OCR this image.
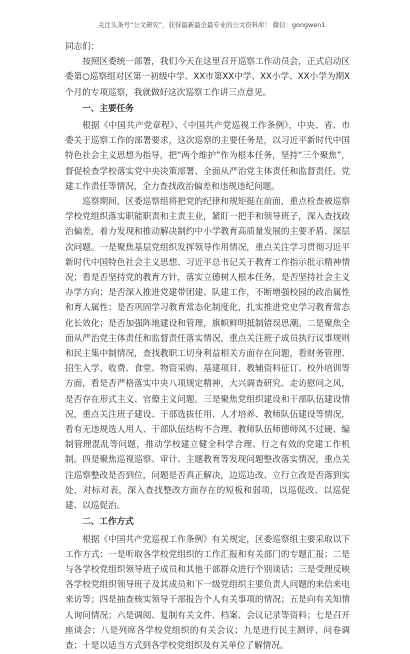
关注头条号“公文研究”，获得最新最全最专业的公文资料库！ 微信：gongwen1

同志们：

按照区委统一部署，我们今天在这里召开巡察工作动员会，正式启动区委第○巡察组对区第一初级中学、XX市第XX中学、XX小学、XX小学为期X个月的专项巡察，我就做好这次巡察工作讲三点意见。

一、主要任务

根据《中国共产党章程》、《中国共产党巡视工作条例》，中央、省、市委关于巡察工作的部署要求，这次巡察的主要任务是，以习近平新时代中国特色社会主义思想为指导，把“两个维护”作为根本任务，坚持“三个聚焦”，督促检查学校落实党中央决策部署、全面从严治党主体责任和监督责任、党建工作责任等情况，全力查找政治偏差和违规违纪问题。

巡察期间，区委巡察组将把党的纪律和规矩挺在前面，重点检查被巡察学校党组织落实职能职责和主责主业，紧盯一把手和领导班子，深入查找政治偏差，着力发现和推动解决制约中小学教育高质量发展的主要矛盾、深层次问题。一是聚焦基层党组织发挥领导作用情况，重点关注学习贯彻习近平新时代中国特色社会主义思想、习近平总书记关于教育工作指示批示精神情况；看是否坚持党的教育方针，落实立德树人根本任务，是否坚持社会主义办学方向；是否深入推进党建带团建、队建工作，不断增强校园的政治属性和育人属性；是否巩固学习教育常态化制度化，扎实推进党史学习教育常态化长效化；是否加强阵地建设和管理，旗帜鲜明抵制错误思潮。二是聚焦全面从严治党主体责任和监督责任落实情况，重点关注班子成员执行议事规则和民主集中制情况，查找教职工切身利益相关方面存在问题，看财务管理、招生入学、收费、食堂、物资采购、基建项目、教辅资料征订、校外培训等方面，看是否严格落实中央八项规定精神，大兴调查研究、走访慰问之风，是否存在形式主义、官僚主义问题。三是聚焦党组织建设和干部队伍建设情况，重点关注班子建设、干部选拔任用、人才培养、教师队伍建设等情况，看有无违规选人用人、干部队伍结构不合理、教师队伍师德师风不过硬、编制管理混乱等问题，推动学校建立健全科学合理、行之有效的党建工作机制。四是聚焦巡视巡察、审计、主题教育等发现问题整改落实情况，重点关注巡察整改是否到位，问题是否真正解决，边巡边改、立行立改是否落到实处，对标对表，深入查找整改方面存在的短板和弱项，以巡促改、以巡促建、以巡促治。

二、工作方式

根据《中国共产党巡视工作条例》有关规定，区委巡察组主要采取以下工作方式：一是听取各学校党组织的工作汇报和有关部门的专题汇报；二是与各学校党组织领导班子成员和其他干部群众进行个别谈话；三是受理反映各学校党组织领导班子及其成员和下一级党组织主要负责人问题的来信来电来访等；四是抽查核实领导干部报告个人有关事项的情况；五是向有关知情人询问情况；六是调阅、复制有关文件、档案、会议记录等资料；七是召开座谈会；八是列席各学校党组织的有关会议；九是进行民主测评、问卷调查；十是以适当方式到各学校党组织及有关单位了解情况。
